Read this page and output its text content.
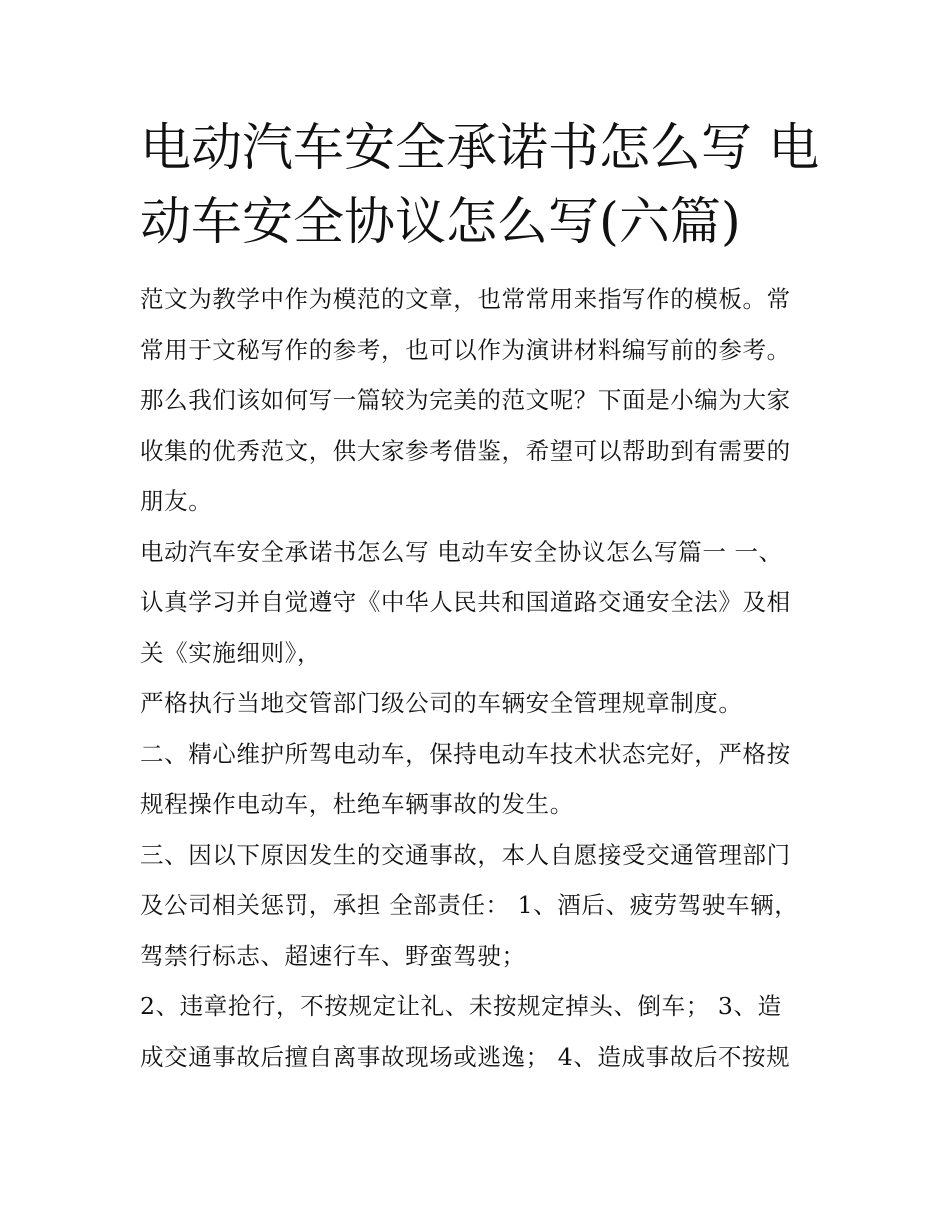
电动汽车安全承诺书怎么写 电
动车安全协议怎么写(六篇)
范文为教学中作为模范的文章，也常常用来指写作的模板。常
常用于文秘写作的参考，也可以作为演讲材料编写前的参考。
那么我们该如何写一篇较为完美的范文呢？下面是小编为大家
收集的优秀范文，供大家参考借鉴，希望可以帮助到有需要的
朋友。
电动汽车安全承诺书怎么写 电动车安全协议怎么写篇一 一、
认真学习并自觉遵守《中华人民共和国道路交通安全法》及相
关《实施细则》，
严格执行当地交管部门级公司的车辆安全管理规章制度。
二、精心维护所驾电动车，保持电动车技术状态完好，严格按
规程操作电动车，杜绝车辆事故的发生。
三、因以下原因发生的交通事故，本人自愿接受交通管理部门
及公司相关惩罚，承担 全部责任： 1、酒后、疲劳驾驶车辆，
驾禁行标志、超速行车、野蛮驾驶；
2、违章抢行，不按规定让礼、未按规定掉头、倒车； 3、造
成交通事故后擅自离事故现场或逃逸； 4、造成事故后不按规
